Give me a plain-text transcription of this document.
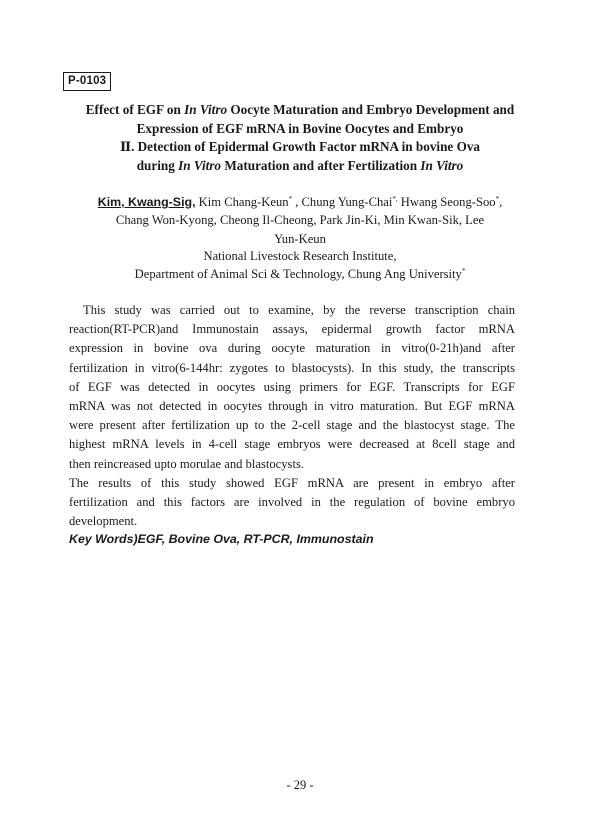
P-0103
Effect of EGF on In Vitro Oocyte Maturation and Embryo Development and
Expression of EGF mRNA in Bovine Oocytes and Embryo
Ⅱ. Detection of Epidermal Growth Factor mRNA in bovine Ova
during In Vitro Maturation and after Fertilization In Vitro
Kim, Kwang-Sig, Kim Chang-Keun* , Chung Yung-Chai*, Hwang Seong-Soo*,
Chang Won-Kyong, Cheong Il-Cheong, Park Jin-Ki, Min Kwan-Sik, Lee
Yun-Keun
National Livestock Research Institute,
Department of Animal Sci & Technology, Chung Ang University*
This study was carried out to examine, by the reverse transcription chain
reaction(RT-PCR)and Immunostain assays, epidermal growth factor mRNA
expression in bovine ova during oocyte maturation in vitro(0-21h)and after
fertilization in vitro(6-144hr: zygotes to blastocysts). In this study, the transcripts
of EGF was detected in oocytes using primers for EGF. Transcripts for EGF
mRNA was not detected in oocytes through in vitro maturation. But EGF mRNA
were present after fertilization up to the 2-cell stage and the blastocyst stage. The
highest mRNA levels in 4-cell stage embryos were decreased at 8cell stage and
then reincreased upto morulae and blastocysts.
The results of this study showed EGF mRNA are present in embryo after
fertilization and this factors are involved in the regulation of bovine embryo
development.
Key Words)EGF, Bovine Ova, RT-PCR, Immunostain
- 29 -
